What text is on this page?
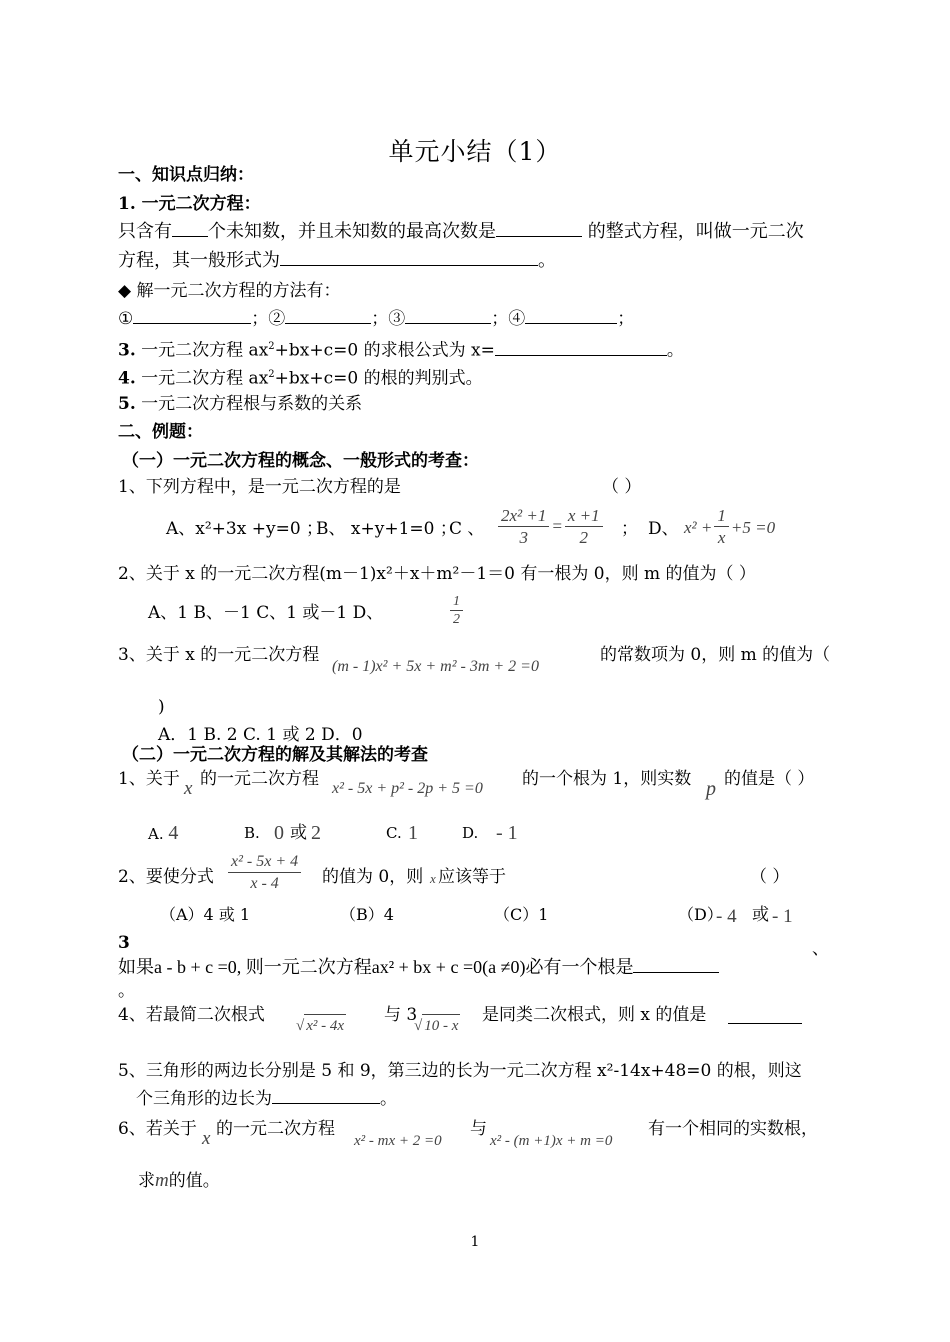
单元小结（1）
一、知识点归纳：
1. 一元二次方程：
只含有 个未知数，并且未知数的最高次数是	的整式方程，叫做一元二次
方程，其一般形式为	。
◆ 解一元二次方程的方法有：
①	；②	；③	；④	；
3. 一元二次方程 $ax^2+bx+c=0$ 的求根公式为 x=	。
4. 一元二次方程 $ax^2+bx+c=0$ 的根的判别式。
5. 一元二次方程根与系数的关系
二、例题：
（一）一元二次方程的概念、一般形式的考查：
1、下列方程中，是一元二次方程的是	（ ）
A、x²+3x +y=0 ；
B、 x+y+1=0 ；
C 、 $\frac{\text{2x² +1}}{3} = \frac{x +1}{2}$ ； D、 $x^2 + \frac{1}{x} +5 =0$
2、关于 x 的一元二次方程(m－1)x²＋x＋m²－1＝0 有一根为 0，则 m 的值为（ ）
A、1 B、－1 C、1 或－1 D、	$\frac{1}{2}$
3、关于 x 的一元二次方程
(m - 1)x² + 5x + m² - 3m + 2 =0
的常数项为 0，则 m 的值为（
)
A．1 B. 2 C. 1 或 2 D．0
（二）一元二次方程的解及其解法的考查
1、关于 x 的一元二次方程 x² - 5x + p² - 2p + 5 =0 的一个根为 1，则实数 p 的值是（ ）
A. 4	B. 0 或 2	C. 1	D. - 1
2、要使分式 $\frac{\text{x² - 5x + 4}}{x - 4}$ 的值为 0，则 x 应该等于	（ ）
（A）4 或 1	（B）4	（C）1	（D）
- 4 或 - 1
3	、
如果a - b + c =0, 则一元二次方程ax² + bx + c =0(a ≠0)必有一个根是
。
4、若最简二次根式
√ x² - 4x
与 3
√ 10 - x
是同类二次根式，则 x 的值是
5、三角形的两边长分别是 5 和 9，第三边的长为一元二次方程 x²-14x+48=0 的根，则这
个三角形的边长为	。
6、若关于 x 的一元二次方程
x² - mx + 2 =0
与
x² - (m +1)x + m =0
有一个相同的实数根，
求m的值。
1
